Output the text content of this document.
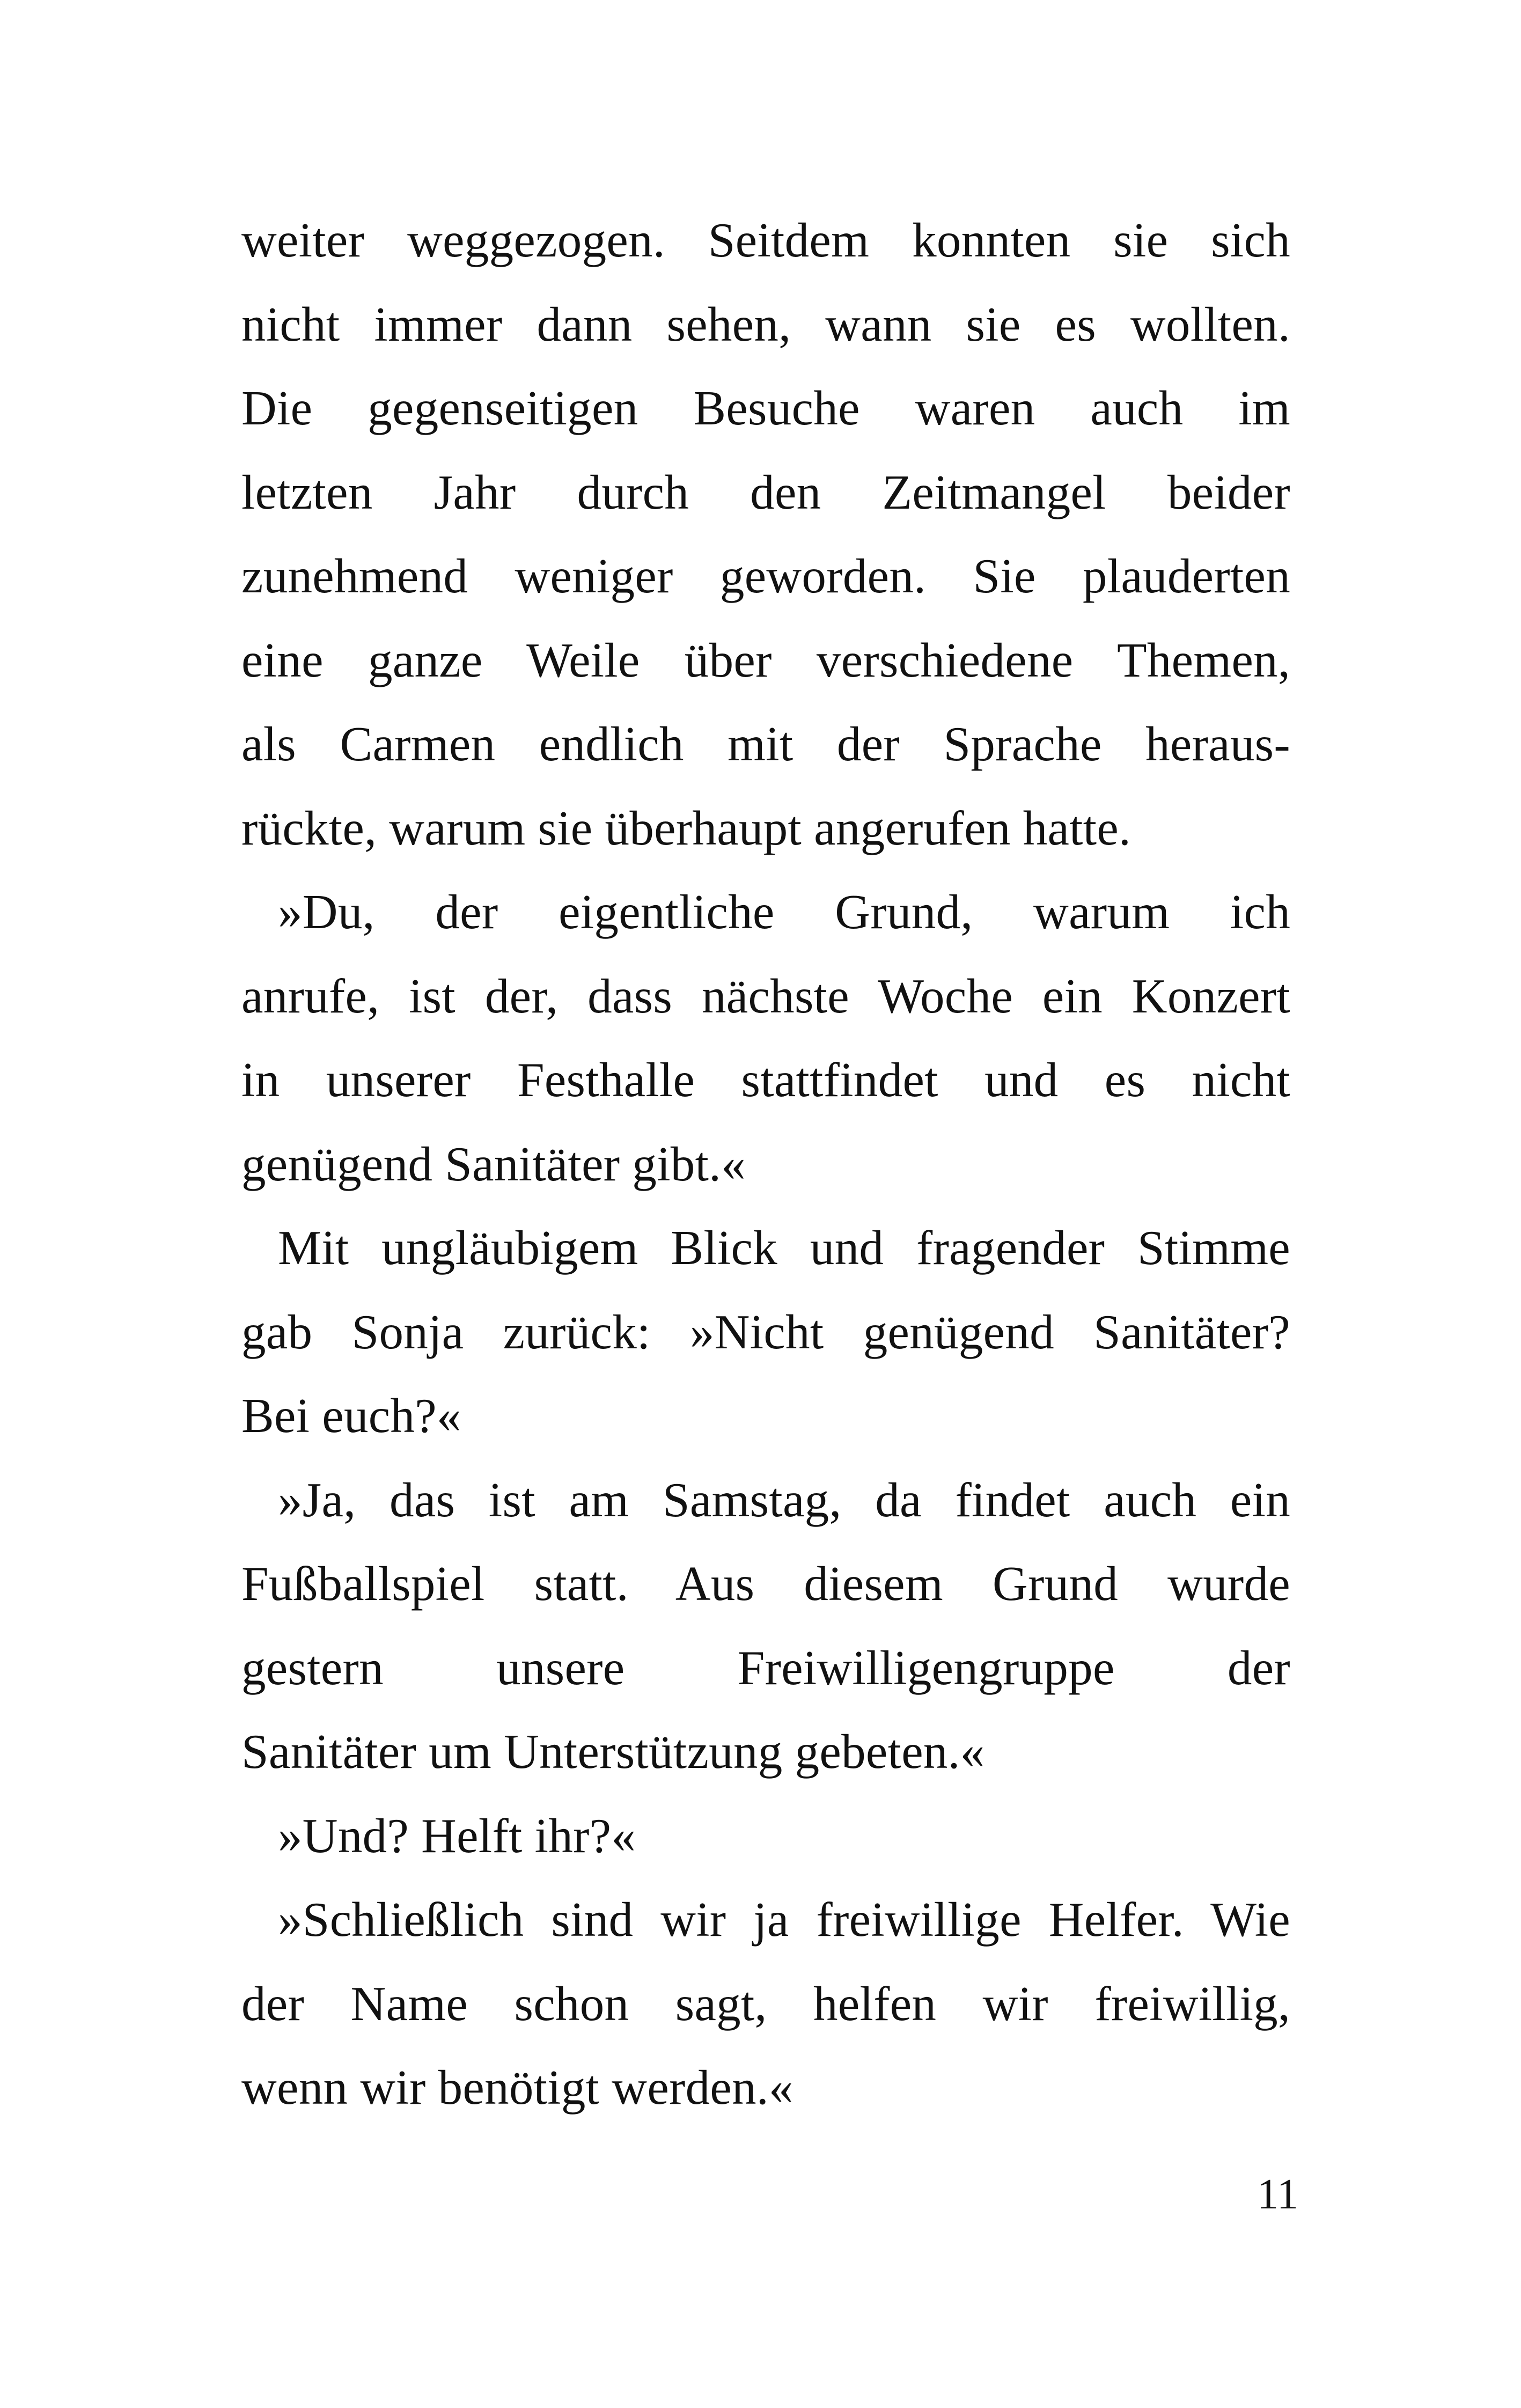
weiter weggezogen. Seitdem konnten sie sich
nicht immer dann sehen, wann sie es wollten.
Die gegenseitigen Besuche waren auch im
letzten Jahr durch den Zeitmangel beider
zunehmend weniger geworden. Sie plauderten
eine ganze Weile über verschiedene Themen,
als Carmen endlich mit der Sprache heraus-
rückte, warum sie überhaupt angerufen hatte.
»Du, der eigentliche Grund, warum ich
anrufe, ist der, dass nächste Woche ein Konzert
in unserer Festhalle stattfindet und es nicht
genügend Sanitäter gibt.«
Mit ungläubigem Blick und fragender Stimme
gab Sonja zurück: »Nicht genügend Sanitäter?
Bei euch?«
»Ja, das ist am Samstag, da findet auch ein
Fußballspiel statt. Aus diesem Grund wurde
gestern unsere Freiwilligengruppe der
Sanitäter um Unterstützung gebeten.«
»Und? Helft ihr?«
»Schließlich sind wir ja freiwillige Helfer. Wie
der Name schon sagt, helfen wir freiwillig,
wenn wir benötigt werden.«
11
